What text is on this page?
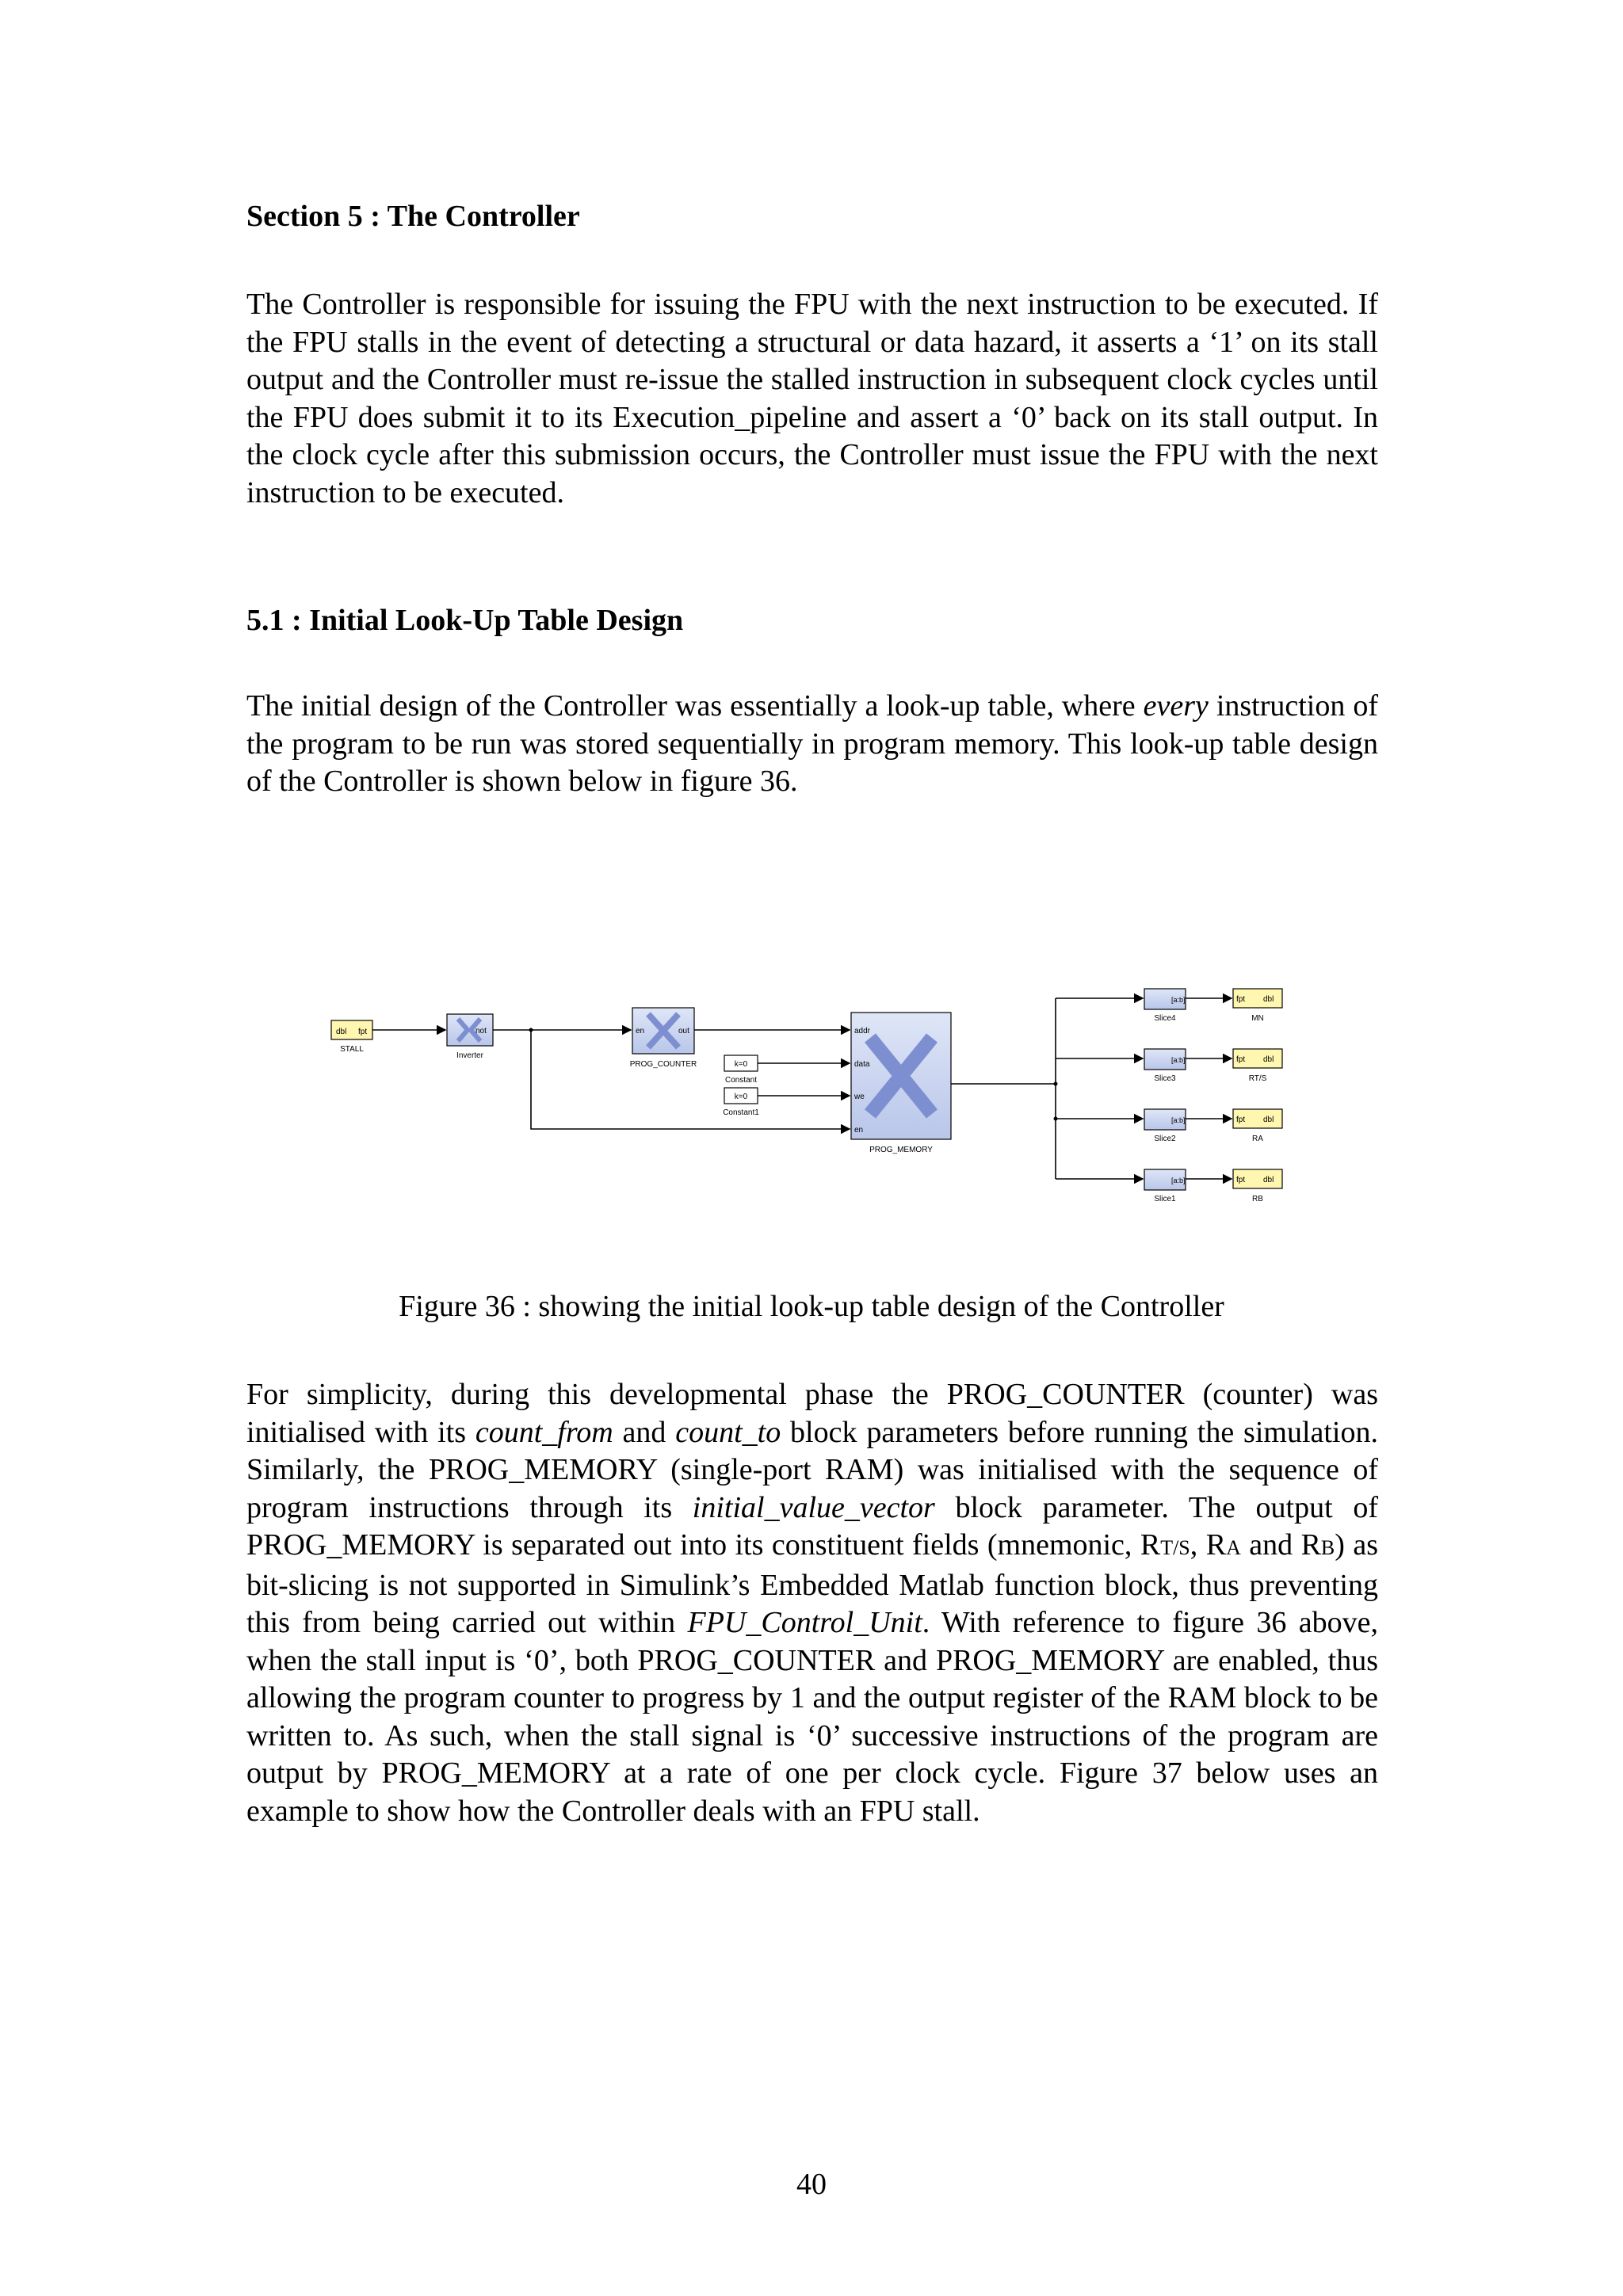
Section 5 : The Controller

The Controller is responsible for issuing the FPU with the next instruction to be executed. If the FPU stalls in the event of detecting a structural or data hazard, it asserts a ‘1’ on its stall output and the Controller must re-issue the stalled instruction in subsequent clock cycles until the FPU does submit it to its Execution_pipeline and assert a ‘0’ back on its stall output. In the clock cycle after this submission occurs, the Controller must issue the FPU with the next instruction to be executed.

5.1 : Initial Look-Up Table Design

The initial design of the Controller was essentially a look-up table, where every instruction of the program to be run was stored sequentially in program memory. This look-up table design of the Controller is shown below in figure 36.

dbl fpt
STALL
not
Inverter
en	out
PROG_COUNTER	k=0
Constant
k=0
Constant1
addr
data
we
en
PROG_MEMORY
[a:b]
Slice4
[a:b]
Slice3
[a:b]
Slice2
[a:b]
Slice1
fpt dbl
MN
fpt dbl
RT/S
fpt dbl
RA
fpt dbl
RB
Figure 36 : showing the initial look-up table design of the Controller

For simplicity, during this developmental phase the PROG_COUNTER (counter) was initialised with its count_from and count_to block parameters before running the simulation. Similarly, the PROG_MEMORY (single-port RAM) was initialised with the sequence of program instructions through its initial_value_vector block parameter. The output of PROG_MEMORY is separated out into its constituent fields (mnemonic, RT/S, RA and RB) as bit-slicing is not supported in Simulink’s Embedded Matlab function block, thus preventing this from being carried out within FPU_Control_Unit. With reference to figure 36 above, when the stall input is ‘0’, both PROG_COUNTER and PROG_MEMORY are enabled, thus allowing the program counter to progress by 1 and the output register of the RAM block to be written to. As such, when the stall signal is ‘0’ successive instructions of the program are output by PROG_MEMORY at a rate of one per clock cycle. Figure 37 below uses an example to show how the Controller deals with an FPU stall.

40
